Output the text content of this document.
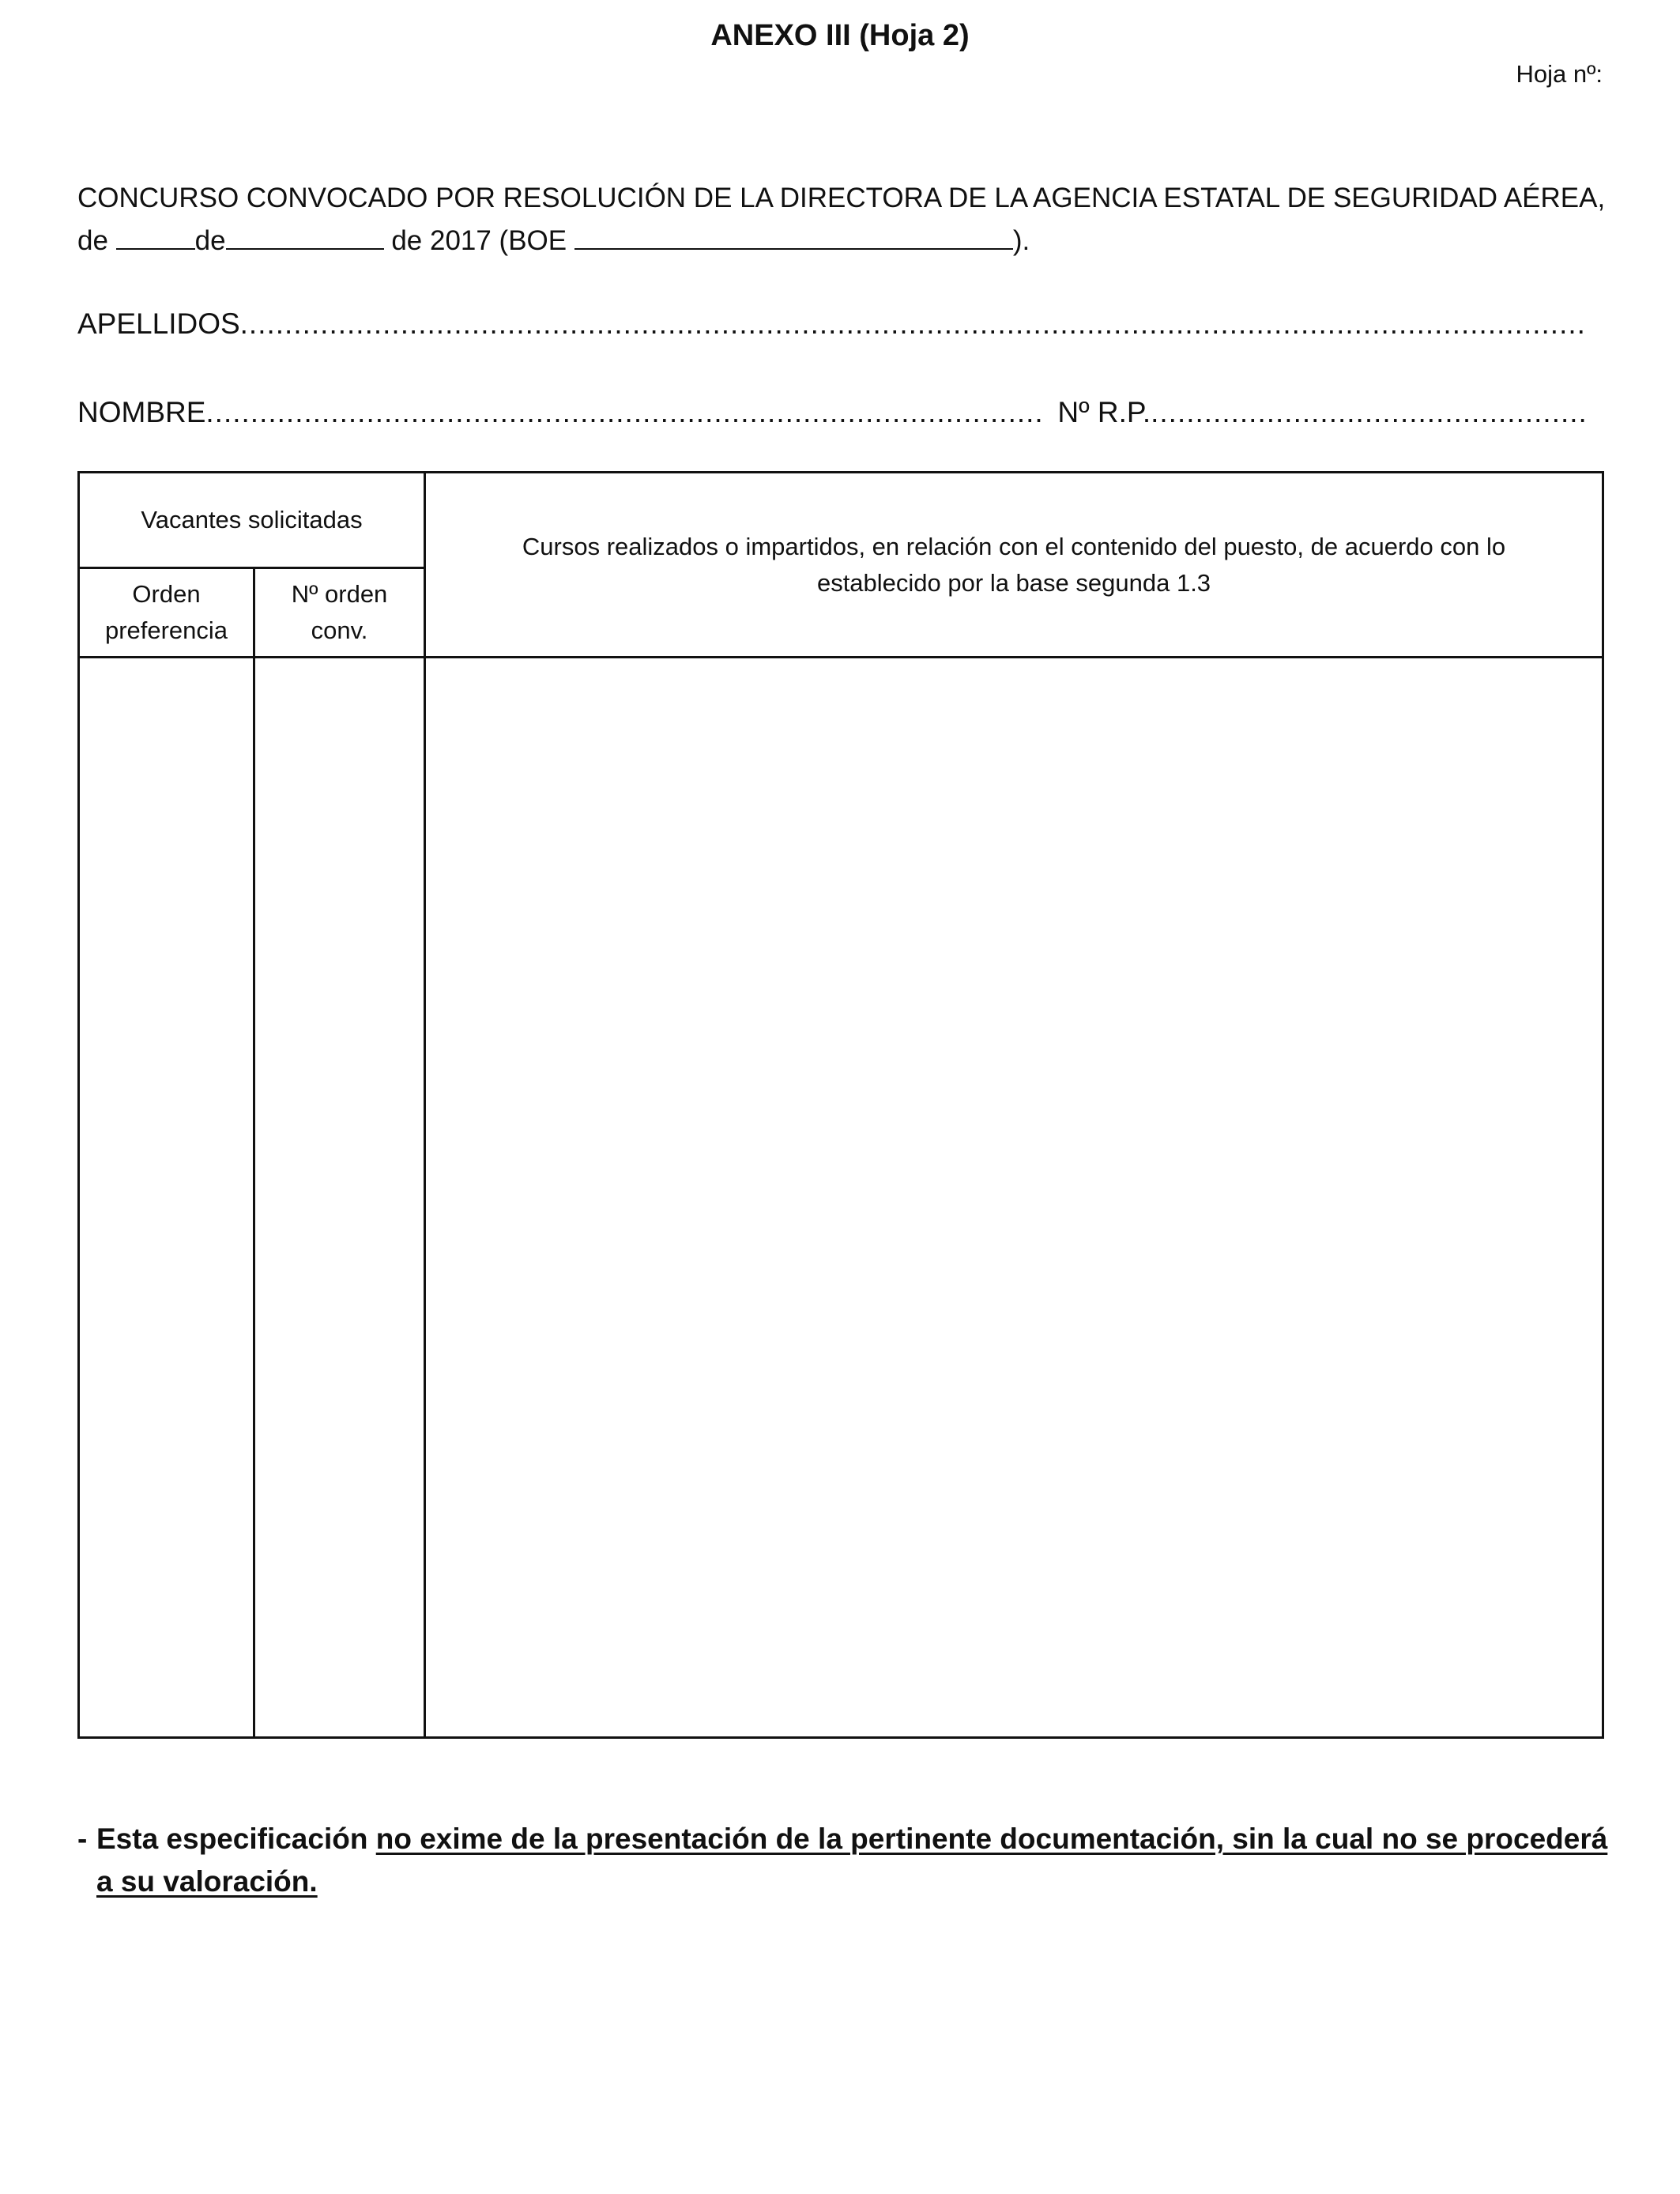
ANEXO III (Hoja 2)
Hoja nº:
CONCURSO CONVOCADO POR RESOLUCIÓN DE LA DIRECTORA DE LA AGENCIA ESTATAL DE SEGURIDAD AÉREA,
de	de	de 2017 (BOE	).
APELLIDOS
.....
NOMBRE .....	Nº R.P.
.....
Vacantes solicitadas		Cursos realizados o impartidos, en relación con el contenido del puesto, de acuerdo con lo establecido por la base segunda 1.3

Orden preferencia	Nº orden conv.	

- Esta especificación no exime de la presentación de la pertinente documentación, sin la cual no se procederá a su valoración.
